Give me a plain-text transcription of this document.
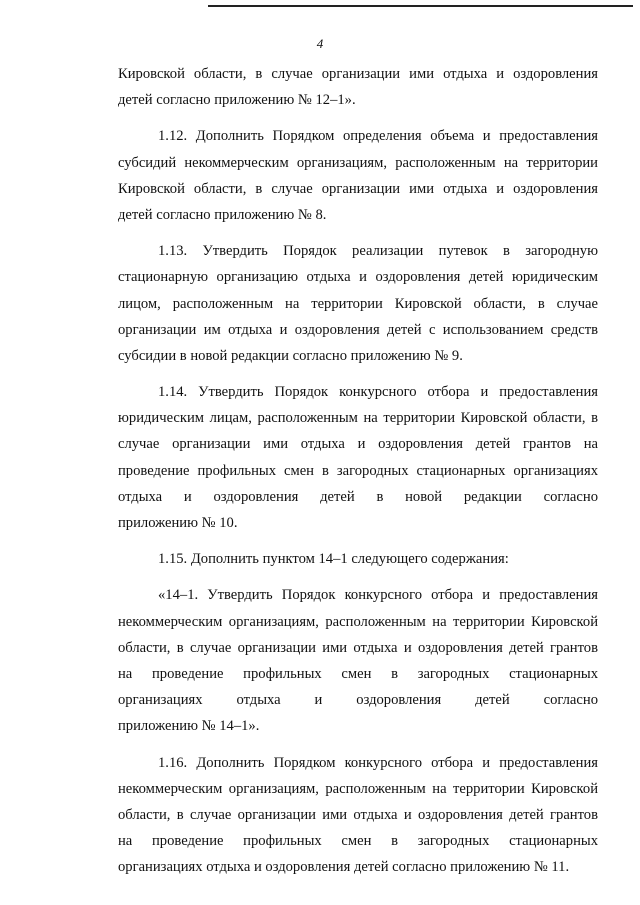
4
Кировской области, в случае организации ими отдыха и оздоровления
детей согласно приложению № 12–1».
1.12. Дополнить Порядком определения объема и предоставления
субсидий некоммерческим организациям, расположенным на территории
Кировской области, в случае организации ими отдыха и оздоровления
детей согласно приложению № 8.
1.13. Утвердить Порядок реализации путевок в загородную
стационарную организацию отдыха и оздоровления детей юридическим
лицом, расположенным на территории Кировской области, в случае
организации им отдыха и оздоровления детей с использованием средств
субсидии в новой редакции согласно приложению № 9.
1.14. Утвердить Порядок конкурсного отбора и предоставления
юридическим лицам, расположенным на территории Кировской области, в
случае организации ими отдыха и оздоровления детей грантов на
проведение профильных смен в загородных стационарных организациях
отдыха и оздоровления детей в новой редакции согласно
приложению № 10.
1.15. Дополнить пунктом 14–1 следующего содержания:
«14–1. Утвердить Порядок конкурсного отбора и предоставления
некоммерческим организациям, расположенным на территории Кировской
области, в случае организации ими отдыха и оздоровления детей грантов
на проведение профильных смен в загородных стационарных
организациях отдыха и оздоровления детей согласно
приложению № 14–1».
1.16. Дополнить Порядком конкурсного отбора и предоставления
некоммерческим организациям, расположенным на территории Кировской
области, в случае организации ими отдыха и оздоровления детей грантов
на проведение профильных смен в загородных стационарных
организациях отдыха и оздоровления детей согласно приложению № 11.
